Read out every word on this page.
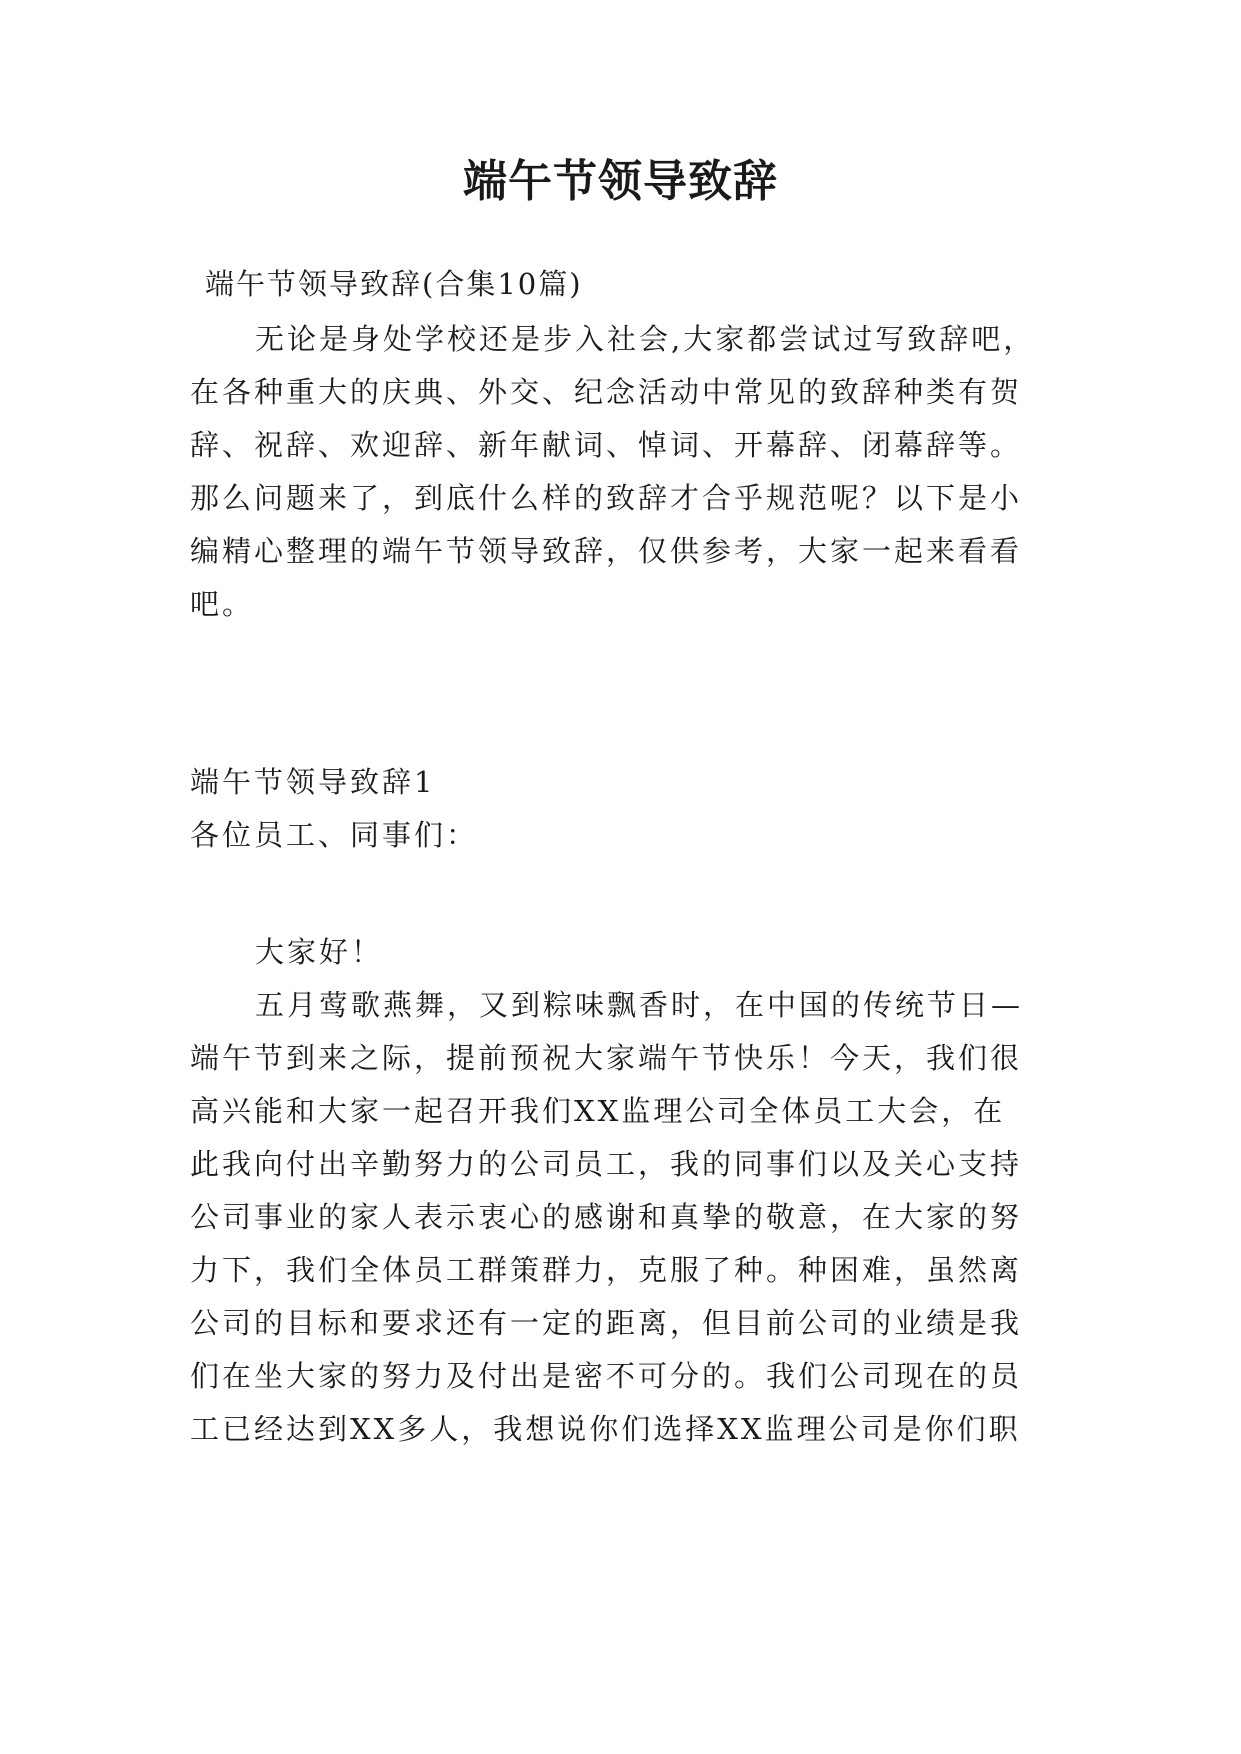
端午节领导致辞

端午节领导致辞(合集10篇)

无论是身处学校还是步入社会,大家都尝试过写致辞吧，

在各种重大的庆典、外交、纪念活动中常见的致辞种类有贺

辞、祝辞、欢迎辞、新年献词、悼词、开幕辞、闭幕辞等。

那么问题来了，到底什么样的致辞才合乎规范呢？以下是小

编精心整理的端午节领导致辞，仅供参考，大家一起来看看

吧。

端午节领导致辞1

各位员工、同事们：

大家好！

五月莺歌燕舞，又到粽味飘香时，在中国的传统节日—

端午节到来之际，提前预祝大家端午节快乐！今天，我们很

高兴能和大家一起召开我们XX监理公司全体员工大会，在

此我向付出辛勤努力的公司员工，我的同事们以及关心支持

公司事业的家人表示衷心的感谢和真挚的敬意，在大家的努

力下，我们全体员工群策群力，克服了种。种困难，虽然离

公司的目标和要求还有一定的距离，但目前公司的业绩是我

们在坐大家的努力及付出是密不可分的。我们公司现在的员

工已经达到XX多人，我想说你们选择XX监理公司是你们职
